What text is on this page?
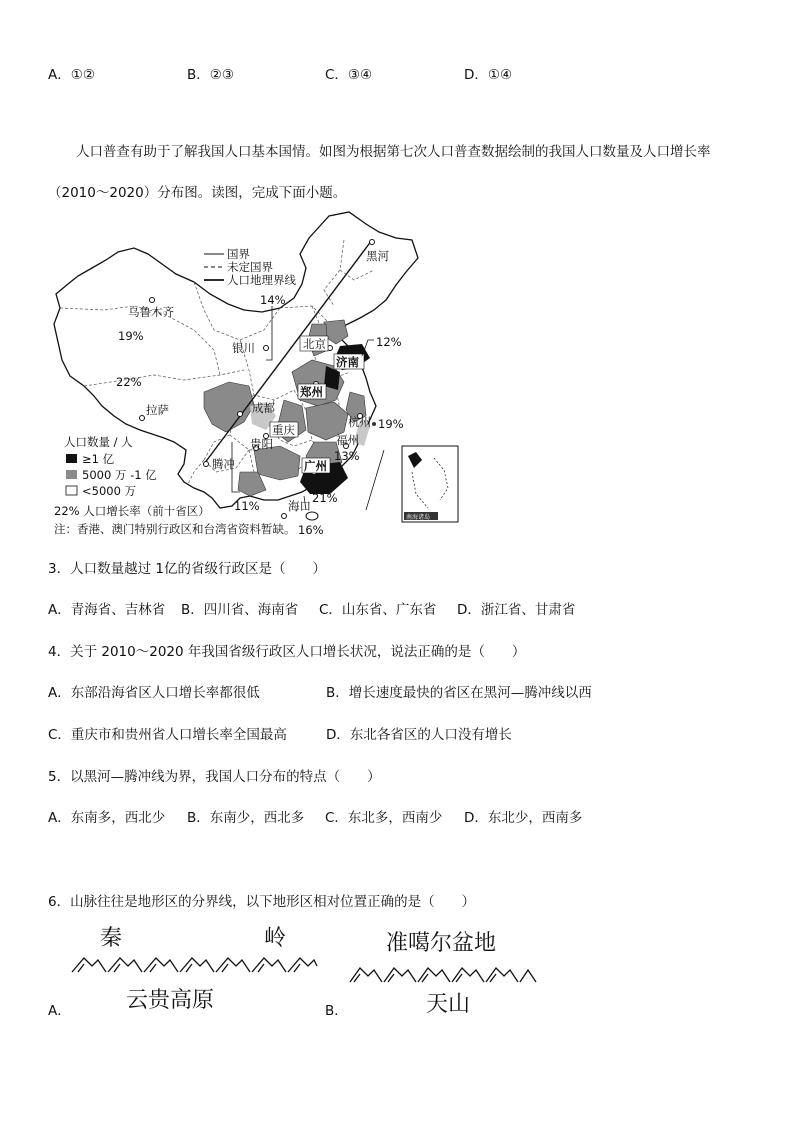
A．①②	B．②③	C．③④	D．①④
人口普查有助于了解我国人口基本国情。如图为根据第七次人口普查数据绘制的我国人口数量及人口增长率
（2010～2020）分布图。读图，完成下面小题。
国界
未定国界
人口地理界线
人口数量 / 人
≥1 亿
5000 万 -1 亿
<5000 万
22% 人口增长率（前十省区）
注：香港、澳门特别行政区和台湾省资料暂缺。
南海诸岛
黑河
乌鲁木齐
银川	北京
济南
郑州
拉萨	成都
重庆
杭州
贵阳	福州
腾冲	广州
海口
14%
19%
22%
12%
19%
13%
11%
21%
16%
3．人口数量越过 1亿的省级行政区是（　　）
A．青海省、吉林省 B．四川省、海南省 C．山东省、广东省 D．浙江省、甘肃省
4．关于 2010～2020 年我国省级行政区人口增长状况，说法正确的是（　　）
A．东部沿海省区人口增长率都很低	B．增长速度最快的省区在黑河—腾冲线以西
C．重庆市和贵州省人口增长率全国最高	D．东北各省区的人口没有增长
5．以黑河—腾冲线为界，我国人口分布的特点（　　）
A．东南多，西北少 B．东南少，西北多 C．东北多，西南少 D．东北少，西南多
6．山脉往往是地形区的分界线，以下地形区相对位置正确的是（　　）
秦	岭
云贵高原
A．
准噶尔盆地
天山
B．
